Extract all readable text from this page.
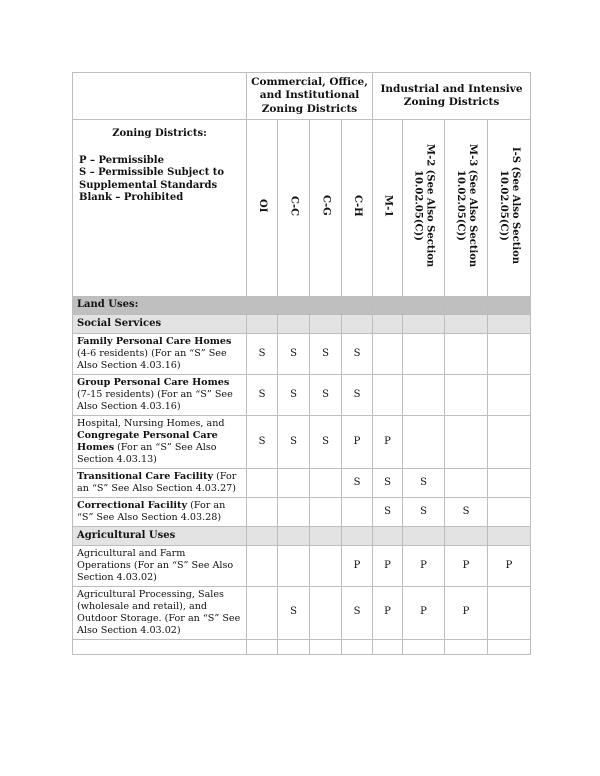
	Commercial, Office, and Institutional Zoning Districts				Industrial and Intensive Zoning Districts			

Zoning Districts:
P – Permissible
S – Permissible Subject to Supplemental Standards
Blank – Prohibited	OI	C-C	C-G	C-H	M-1	M-2 (See Also Section 10.02.05(C))	M-3 (See Also Section 10.02.05(C))	I-S (See Also Section 10.02.05(C))
Land Uses:								
Social Services								
Family Personal Care Homes (4-6 residents) (For an “S” See Also Section 4.03.16)	S	S	S	S				
Group Personal Care Homes (7-15 residents) (For an “S” See Also Section 4.03.16)	S	S	S	S				
Hospital, Nursing Homes, and Congregate Personal Care Homes (For an “S” See Also Section 4.03.13)	S	S	S	P	P			
Transitional Care Facility (For an “S” See Also Section 4.03.27)				S	S	S		
Correctional Facility (For an “S” See Also Section 4.03.28)					S	S	S	
Agricultural Uses								
Agricultural and Farm Operations (For an “S” See Also Section 4.03.02)				P	P	P	P	P
Agricultural Processing, Sales (wholesale and retail), and Outdoor Storage. (For an “S” See Also Section 4.03.02)		S		S	P	P	P	
